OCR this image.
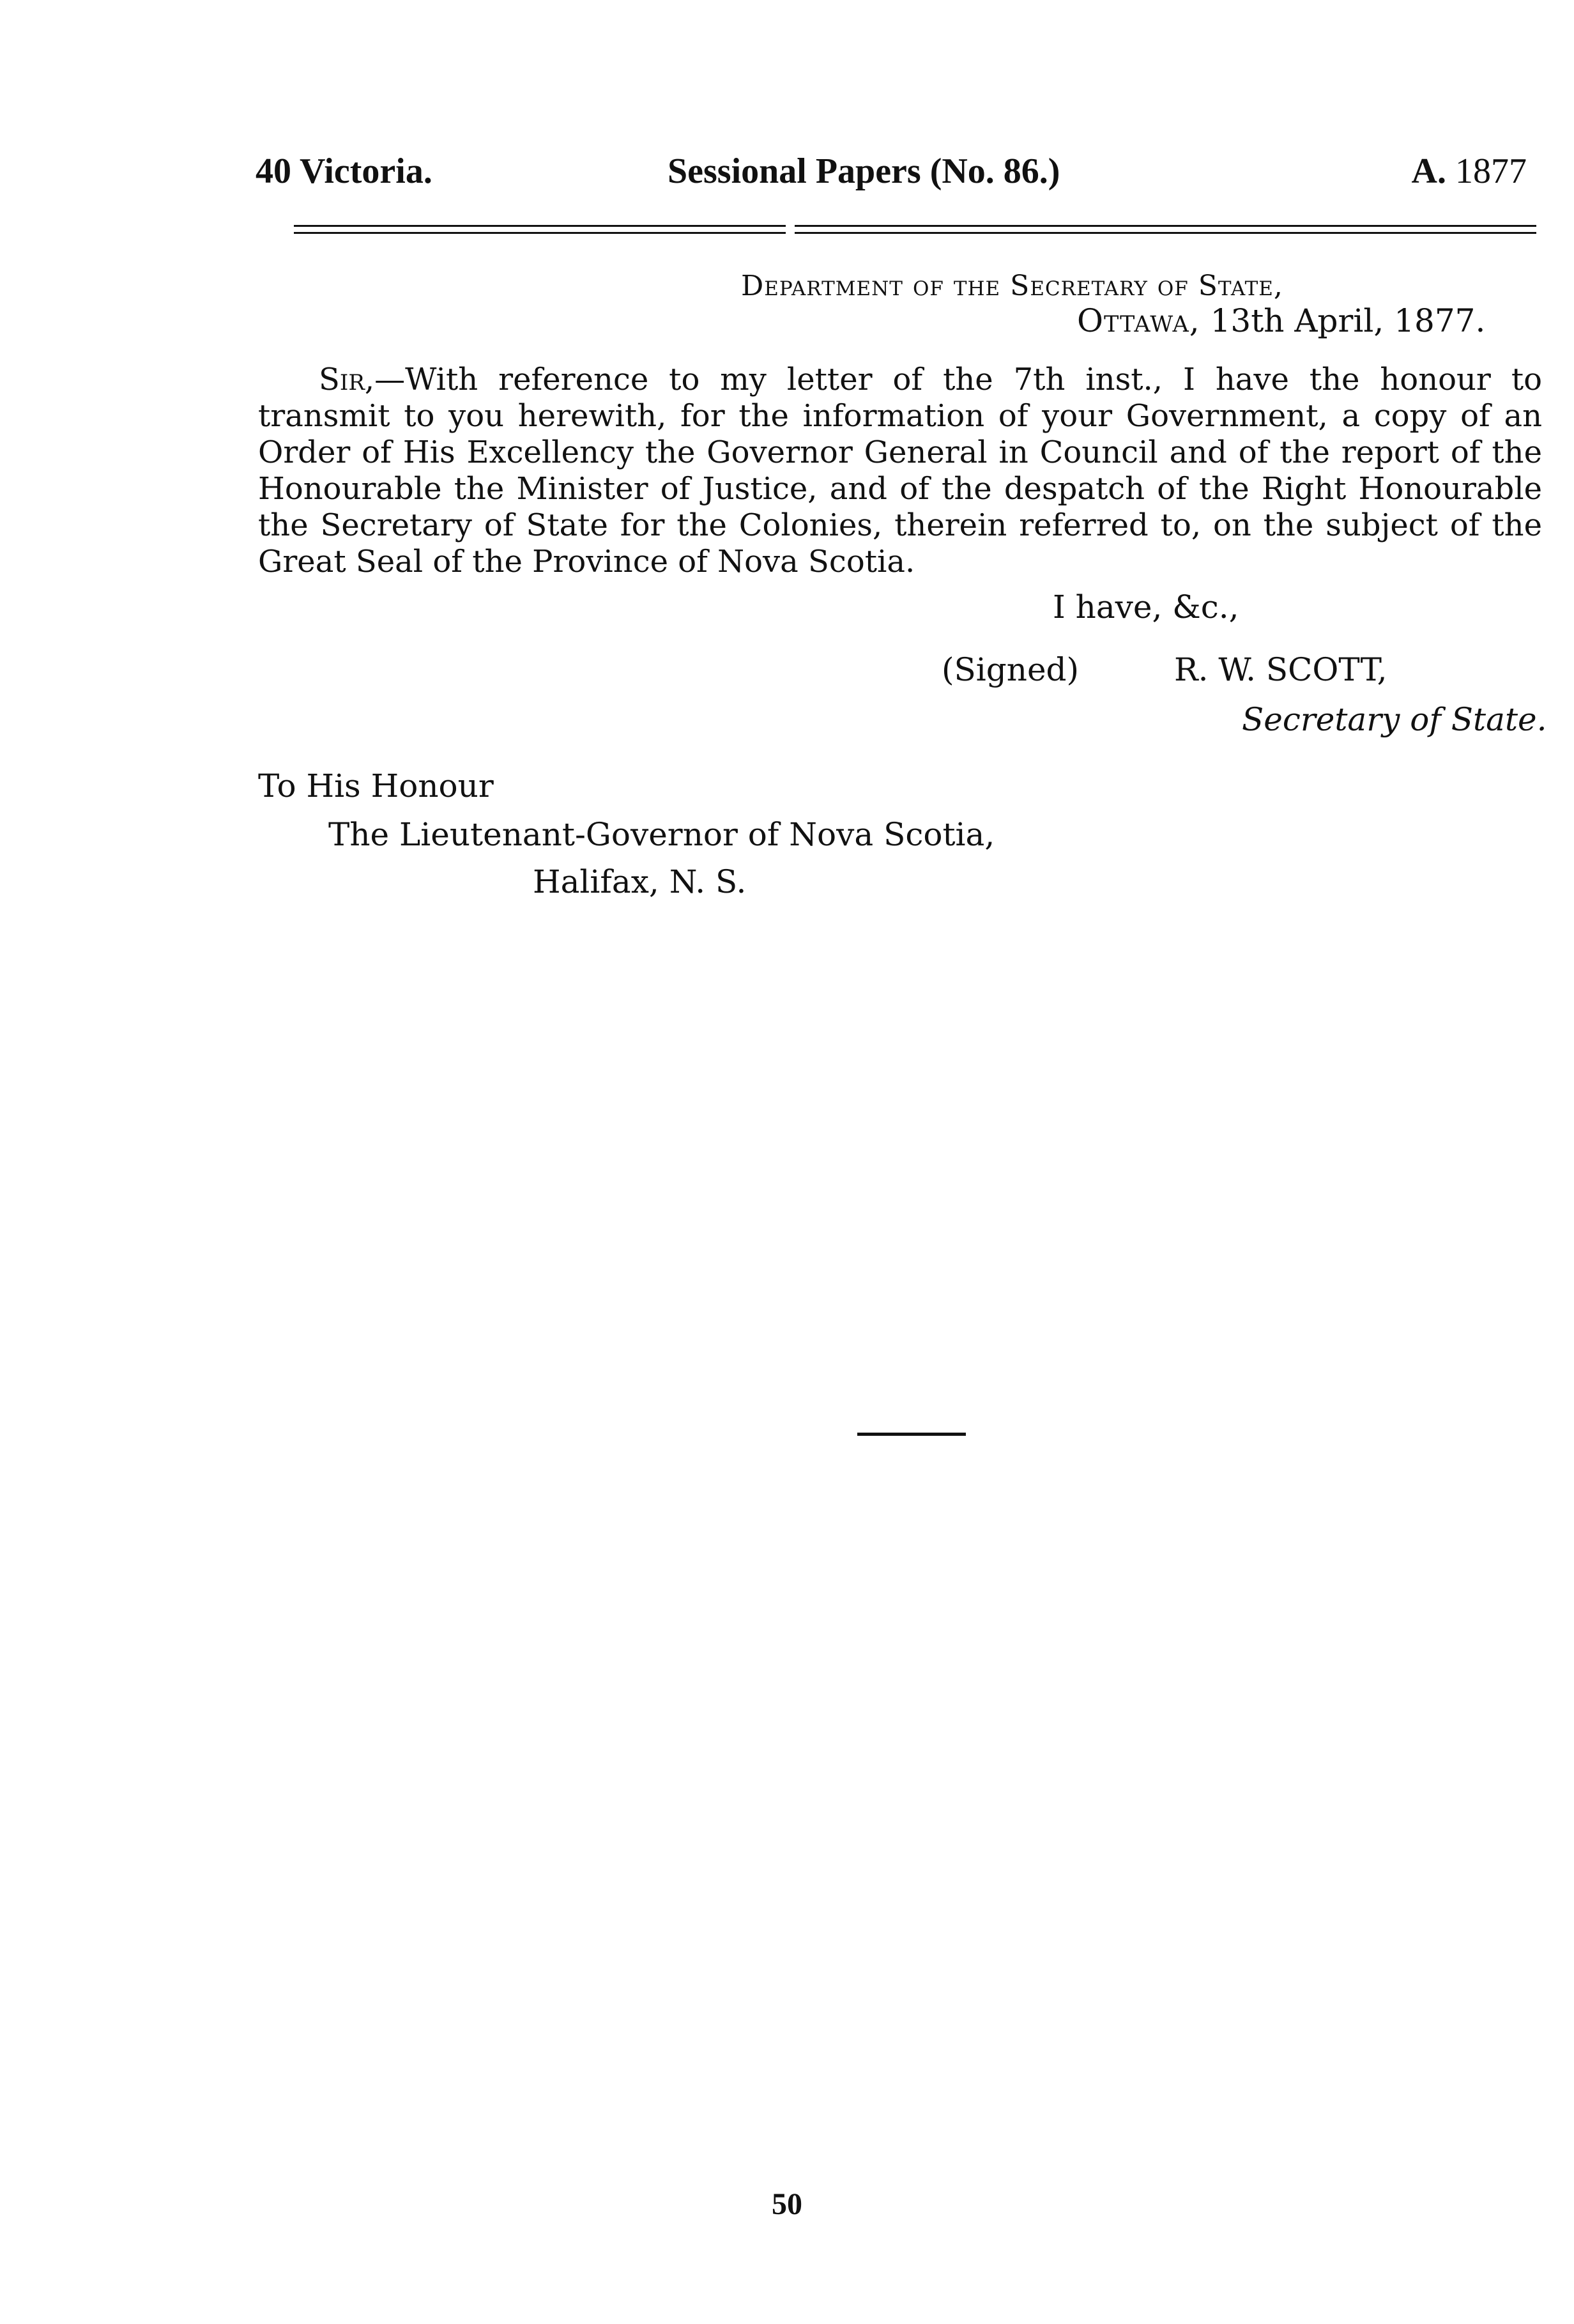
40 Victoria.	Sessional Papers (No. 86.)	A. 1877
Department of the Secretary of State,
Ottawa, 13th April, 1877.
Sir,—With reference to my letter of the 7th inst., I have the honour to transmit to you herewith, for the information of your Government, a copy of an Order of His Excellency the Governor General in Council and of the report of the Honourable the Minister of Justice, and of the despatch of the Right Honourable the Secretary of State for the Colonies, therein referred to, on the subject of the Great Seal of the Province of Nova Scotia.
I have, &c.,
(Signed)	R. W. SCOTT,
Secretary of State.
To His Honour
The Lieutenant-Governor of Nova Scotia,
Halifax, N. S.
50
